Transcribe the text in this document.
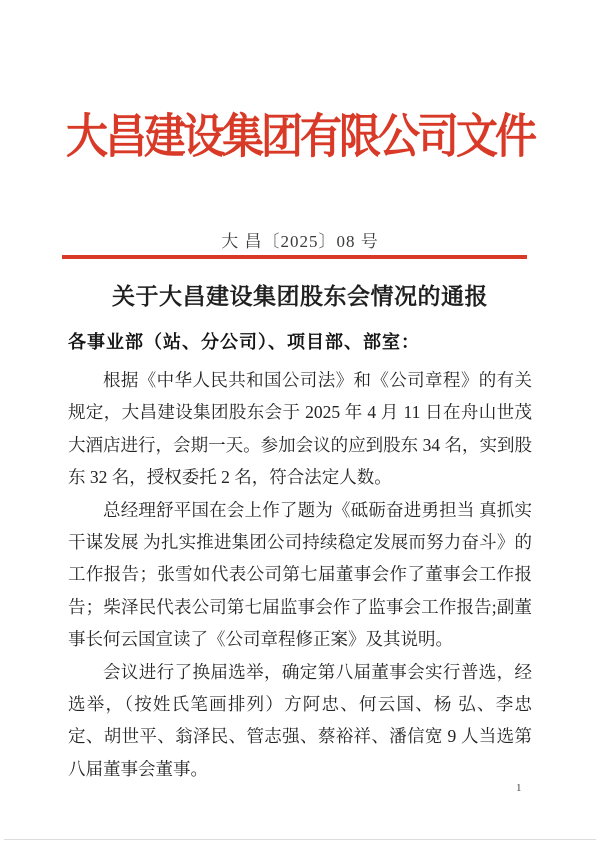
大昌建设集团有限公司文件
大 昌〔2025〕08 号
关于大昌建设集团股东会情况的通报
各事业部（站、分公司）、项目部、部室：

根据《中华人民共和国公司法》和《公司章程》的有关规定，大昌建设集团股东会于 2025 年 4 月 11 日在舟山世茂大酒店进行，会期一天。参加会议的应到股东 34 名，实到股东 32 名，授权委托 2 名，符合法定人数。

总经理舒平国在会上作了题为《砥砺奋进勇担当 真抓实干谋发展 为扎实推进集团公司持续稳定发展而努力奋斗》的工作报告；张雪如代表公司第七届董事会作了董事会工作报告；柴泽民代表公司第七届监事会作了监事会工作报告;副董事长何云国宣读了《公司章程修正案》及其说明。

会议进行了换届选举，确定第八届董事会实行普选，经选举，（按姓氏笔画排列）方阿忠、何云国、杨 弘、李忠定、胡世平、翁泽民、管志强、蔡裕祥、潘信宽 9 人当选第八届董事会董事。

1
